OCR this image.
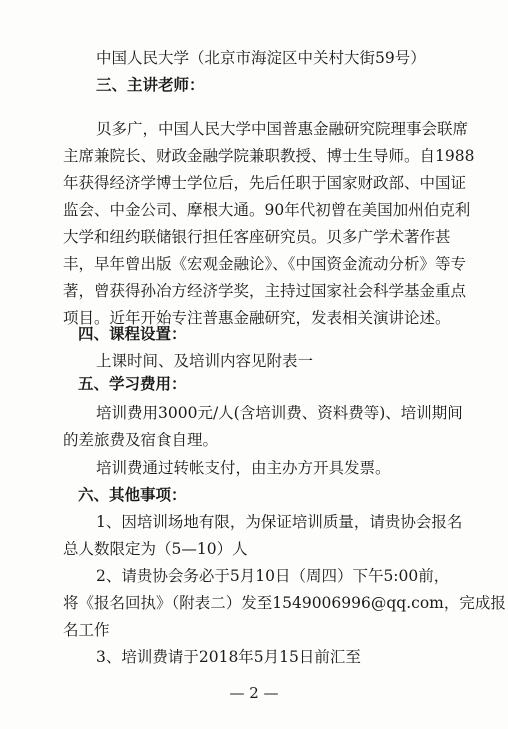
中国人民大学（北京市海淀区中关村大街59号）
三、主讲老师：
贝多广，中国人民大学中国普惠金融研究院理事会联席
主席兼院长、财政金融学院兼职教授、博士生导师。自1988
年获得经济学博士学位后，先后任职于国家财政部、中国证
监会、中金公司、摩根大通。90年代初曾在美国加州伯克利
大学和纽约联储银行担任客座研究员。贝多广学术著作甚
丰，早年曾出版《宏观金融论》、《中国资金流动分析》等专
著，曾获得孙冶方经济学奖，主持过国家社会科学基金重点
项目。近年开始专注普惠金融研究，发表相关演讲论述。
四、课程设置：
上课时间、及培训内容见附表一
五、学习费用：
培训费用3000元/人(含培训费、资料费等)、培训期间
的差旅费及宿食自理。
培训费通过转帐支付，由主办方开具发票。
六、其他事项：
1、因培训场地有限，为保证培训质量，请贵协会报名
总人数限定为（5—10）人
2、请贵协会务必于5月10日（周四）下午5:00前，
将《报名回执》（附表二）发至1549006996@qq.com，完成报
名工作
3、培训费请于2018年5月15日前汇至
— 2 —
